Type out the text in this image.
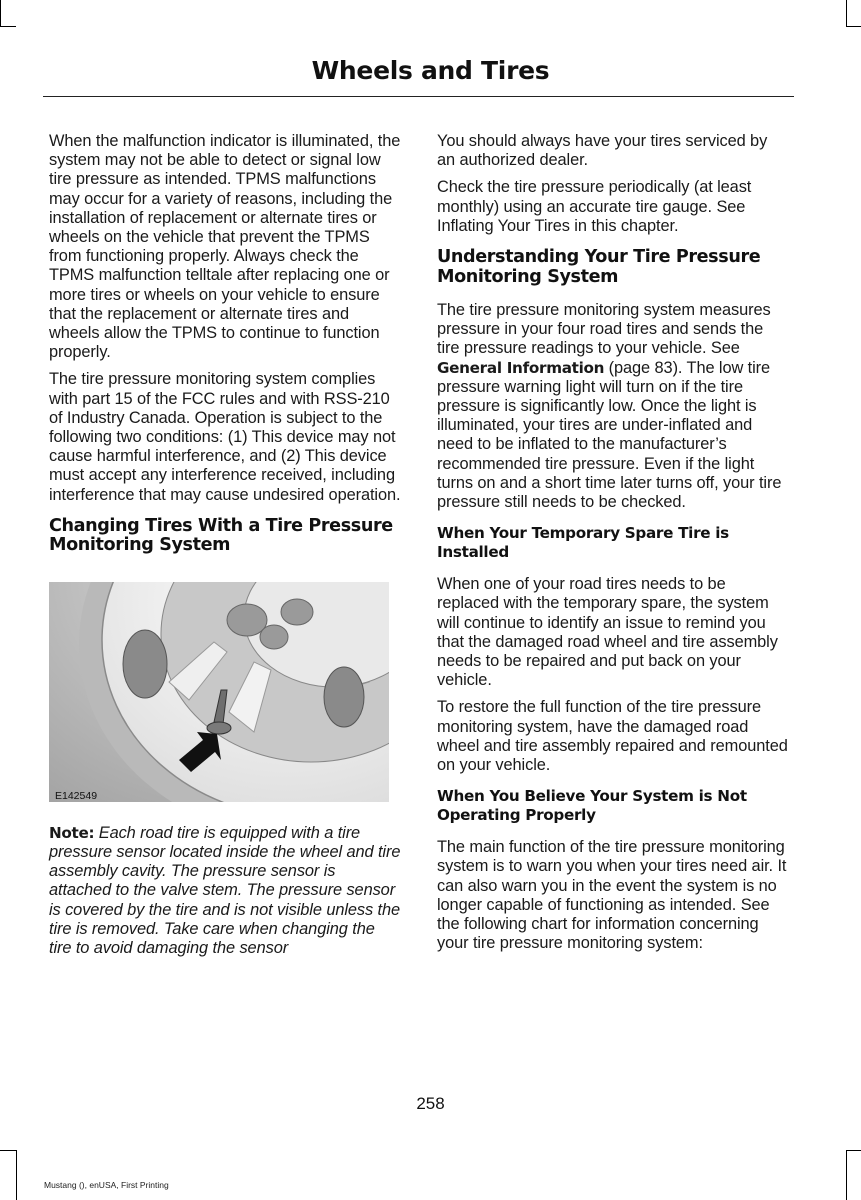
Wheels and Tires

When the malfunction indicator is illuminated, the system may not be able to detect or signal low tire pressure as intended. TPMS malfunctions may occur for a variety of reasons, including the installation of replacement or alternate tires or wheels on the vehicle that prevent the TPMS from functioning properly. Always check the TPMS malfunction telltale after replacing one or more tires or wheels on your vehicle to ensure that the replacement or alternate tires and wheels allow the TPMS to continue to function properly.

The tire pressure monitoring system complies with part 15 of the FCC rules and with RSS-210 of Industry Canada. Operation is subject to the following two conditions: (1) This device may not cause harmful interference, and (2) This device must accept any interference received, including interference that may cause undesired operation.

Changing Tires With a Tire Pressure Monitoring System
E142549

Note: Each road tire is equipped with a tire pressure sensor located inside the wheel and tire assembly cavity. The pressure sensor is attached to the valve stem. The pressure sensor is covered by the tire and is not visible unless the tire is removed. Take care when changing the tire to avoid damaging the sensor

You should always have your tires serviced by an authorized dealer.

Check the tire pressure periodically (at least monthly) using an accurate tire gauge. See Inflating Your Tires in this chapter.

Understanding Your Tire Pressure Monitoring System

The tire pressure monitoring system measures pressure in your four road tires and sends the tire pressure readings to your vehicle. See General Information (page 83). The low tire pressure warning light will turn on if the tire pressure is significantly low. Once the light is illuminated, your tires are under-inflated and need to be inflated to the manufacturer’s recommended tire pressure. Even if the light turns on and a short time later turns off, your tire pressure still needs to be checked.

When Your Temporary Spare Tire is Installed

When one of your road tires needs to be replaced with the temporary spare, the system will continue to identify an issue to remind you that the damaged road wheel and tire assembly needs to be repaired and put back on your vehicle.

To restore the full function of the tire pressure monitoring system, have the damaged road wheel and tire assembly repaired and remounted on your vehicle.

When You Believe Your System is Not Operating Properly

The main function of the tire pressure monitoring system is to warn you when your tires need air. It can also warn you in the event the system is no longer capable of functioning as intended. See the following chart for information concerning your tire pressure monitoring system:

258
Mustang (), enUSA, First Printing
